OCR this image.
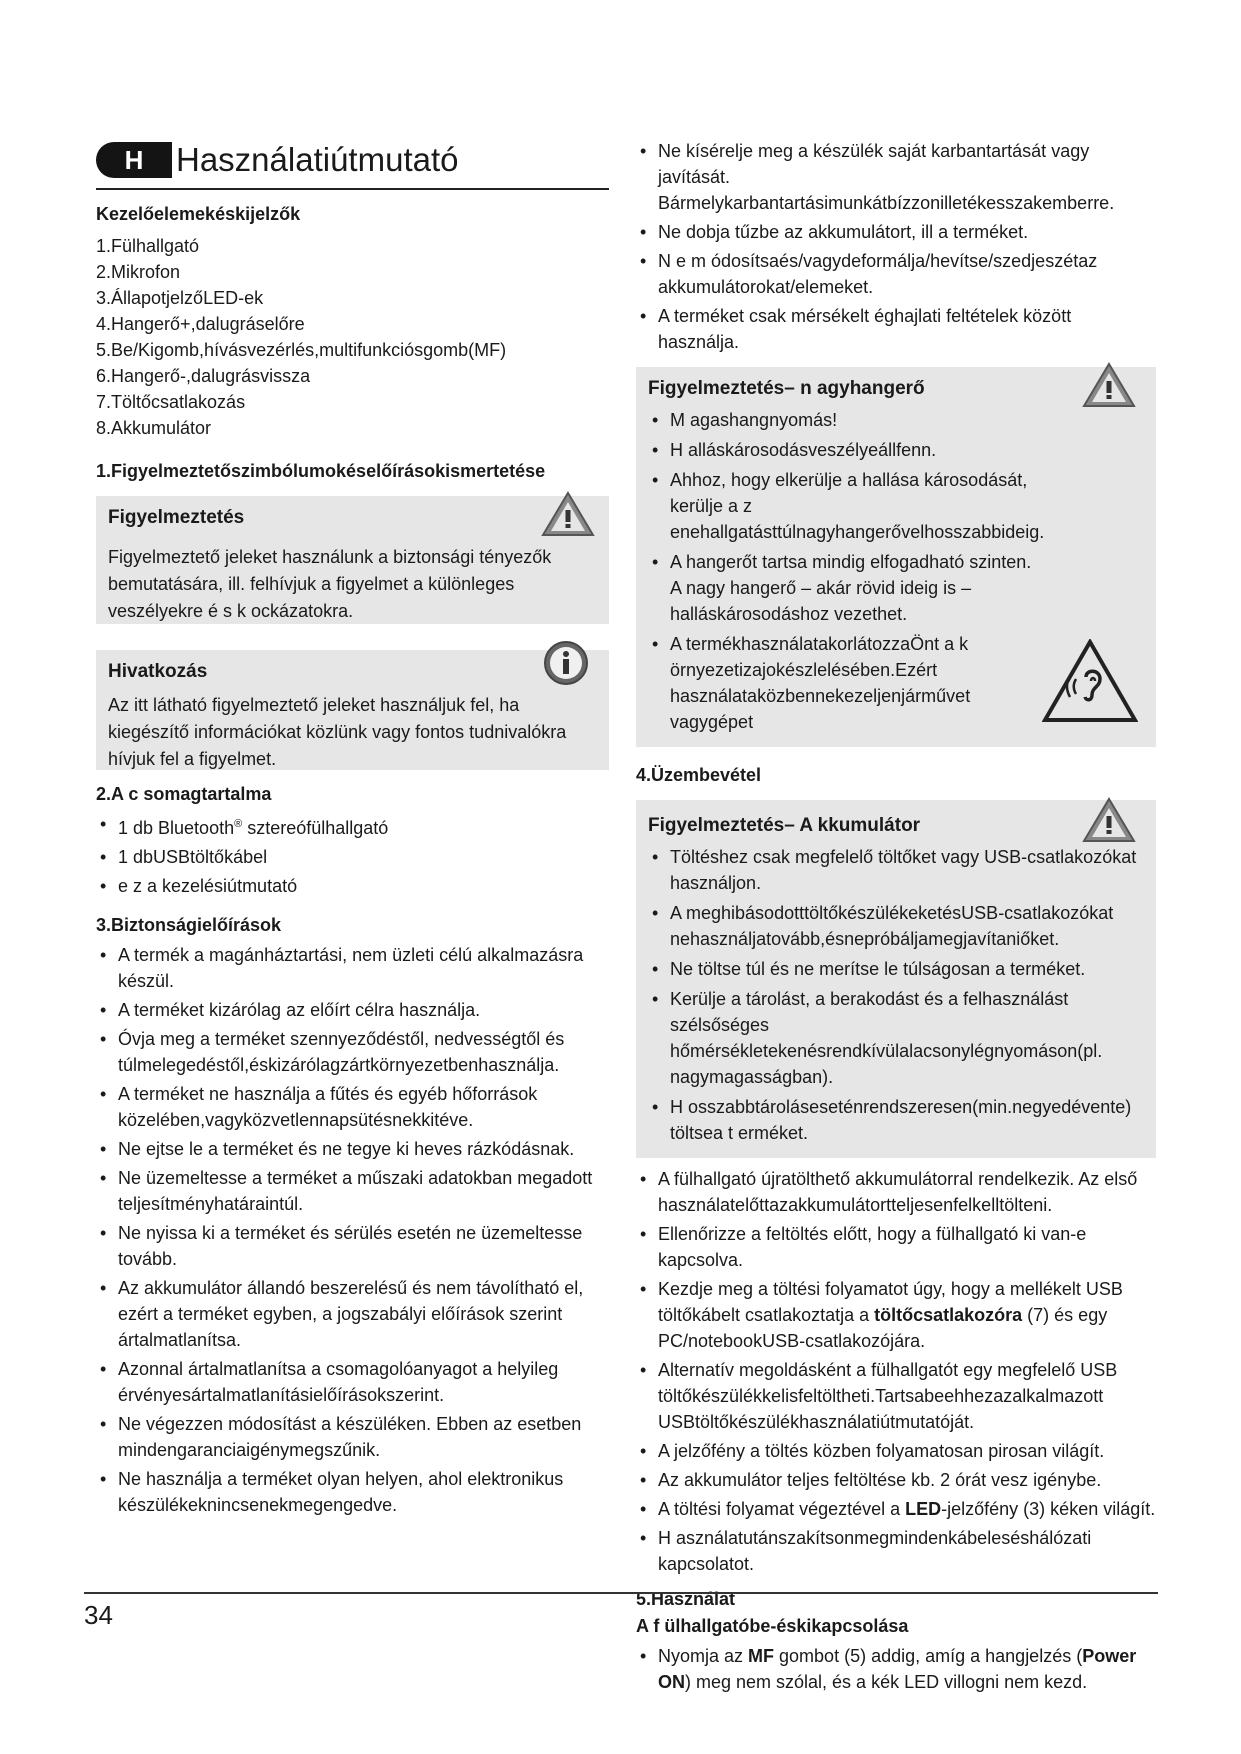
H Használatiútmutató
Kezelőelemekéskijelzők
1.Fülhallgató
2.Mikrofon
3.ÁllapotjelzőLED-ek
4.Hangerő+,dalugráselőre
5.Be/Kigomb,hívásvezérlés,multifunkciósgomb(MF)
6.Hangerő-,dalugrásvissza
7.Töltőcsatlakozás
8.Akkumulátor
1.Figyelmeztetőszimbólumokéselőírásokismertetése
Figyelmeztetés
Figyelmeztető jeleket használunk a biztonsági tényezők bemutatására, ill. felhívjuk a figyelmet a különleges veszélyekre é s k ockázatokra.
Hivatkozás
Az itt látható figyelmeztető jeleket használjuk fel, ha kiegészítő információkat közlünk vagy fontos tudnivalókra hívjuk fel a figyelmet.
2.A c somagtartalma
• 1 db Bluetooth® sztereófülhallgató
• 1 dbUSBtöltőkábel
• e z a kezelésiútmutató
3.Biztonságielőírások
• A termék a magánháztartási, nem üzleti célú alkalmazásra készül.
• A terméket kizárólag az előírt célra használja.
• Óvja meg a terméket szennyeződéstől, nedvességtől és túlmelegedéstől,éskizárólagzártkörnyezetbenhasználja.
• A terméket ne használja a fűtés és egyéb hőforrások közelében,vagyközvetlennapsütésnekkitéve.
• Ne ejtse le a terméket és ne tegye ki heves rázkódásnak.
• Ne üzemeltesse a terméket a műszaki adatokban megadott teljesítményhatáraintúl.
• Ne nyissa ki a terméket és sérülés esetén ne üzemeltesse tovább.
• Az akkumulátor állandó beszerelésű és nem távolítható el, ezért a terméket egyben, a jogszabályi előírások szerint ártalmatlanítsa.
• Azonnal ártalmatlanítsa a csomagolóanyagot a helyileg érvényesártalmatlanításielőírásokszerint.
• Ne végezzen módosítást a készüléken. Ebben az esetben mindengaranciaigénymegszűnik.
• Ne használja a terméket olyan helyen, ahol elektronikus készülékeknincsenekmegengedve.
• Ne kísérelje meg a készülék saját karbantartását vagy javítását. Bármelykarbantartásimunkátbízzonilletékesszakemberre.
• Ne dobja tűzbe az akkumulátort, ill a terméket.
• N e m ódosítsaés/vagydeformálja/hevítse/szedjeszétaz akkumulátorokat/elemeket.
• A terméket csak mérsékelt éghajlati feltételek között használja.
Figyelmeztetés– n agyhangerő
• M agashangnyomás!
• H alláskárosodásveszélyeállfenn.
• Ahhoz, hogy elkerülje a hallása károsodását, kerülje a z enehallgatásttúlnagyhangerővelhosszabbideig.
• A hangerőt tartsa mindig elfogadható szinten. A nagy hangerő – akár rövid ideig is – halláskárosodáshoz vezethet.
• A termékhasználatakorlátozzaÖnt a k örnyezetizajokészlelésében.Ezért használataközbennekezeljenjárművet vagygépet
4.Üzembevétel
Figyelmeztetés– A kkumulátor
• Töltéshez csak megfelelő töltőket vagy USB-csatlakozókat használjon.
• A meghibásodotttöltőkészülékeketésUSB-csatlakozókat nehasználjatovább,ésnepróbáljamegjavítaniőket.
• Ne töltse túl és ne merítse le túlságosan a terméket.
• Kerülje a tárolást, a berakodást és a felhasználást szélsőséges hőmérsékletekenésrendkívülalacsonylégnyomáson(pl. nagymagasságban).
• H osszabbtároláseseténrendszeresen(min.negyedévente) töltsea t erméket.
• A fülhallgató újratölthető akkumulátorral rendelkezik. Az első használatelőttazakkumulátortteljesenfelkelltölteni.
• Ellenőrizze a feltöltés előtt, hogy a fülhallgató ki van-e kapcsolva.
• Kezdje meg a töltési folyamatot úgy, hogy a mellékelt USB töltőkábelt csatlakoztatja a töltőcsatlakozóra (7) és egy PC/notebookUSB-csatlakozójára.
• Alternatív megoldásként a fülhallgatót egy megfelelő USB töltőkészülékkelisfeltöltheti.Tartsabeehhezazalkalmazott USBtöltőkészülékhasználatiútmutatóját.
• A jelzőfény a töltés közben folyamatosan pirosan világít.
• Az akkumulátor teljes feltöltése kb. 2 órát vesz igénybe.
• A töltési folyamat végeztével a LED-jelzőfény (3) kéken világít.
• H asználatutánszakítsonmegmindenkábeleséshálózati kapcsolatot.
5.Használat
A f ülhallgatóbe-éskikapcsolása
• Nyomja az MF gombot (5) addig, amíg a hangjelzés (Power ON) meg nem szólal, és a kék LED villogni nem kezd.
34
